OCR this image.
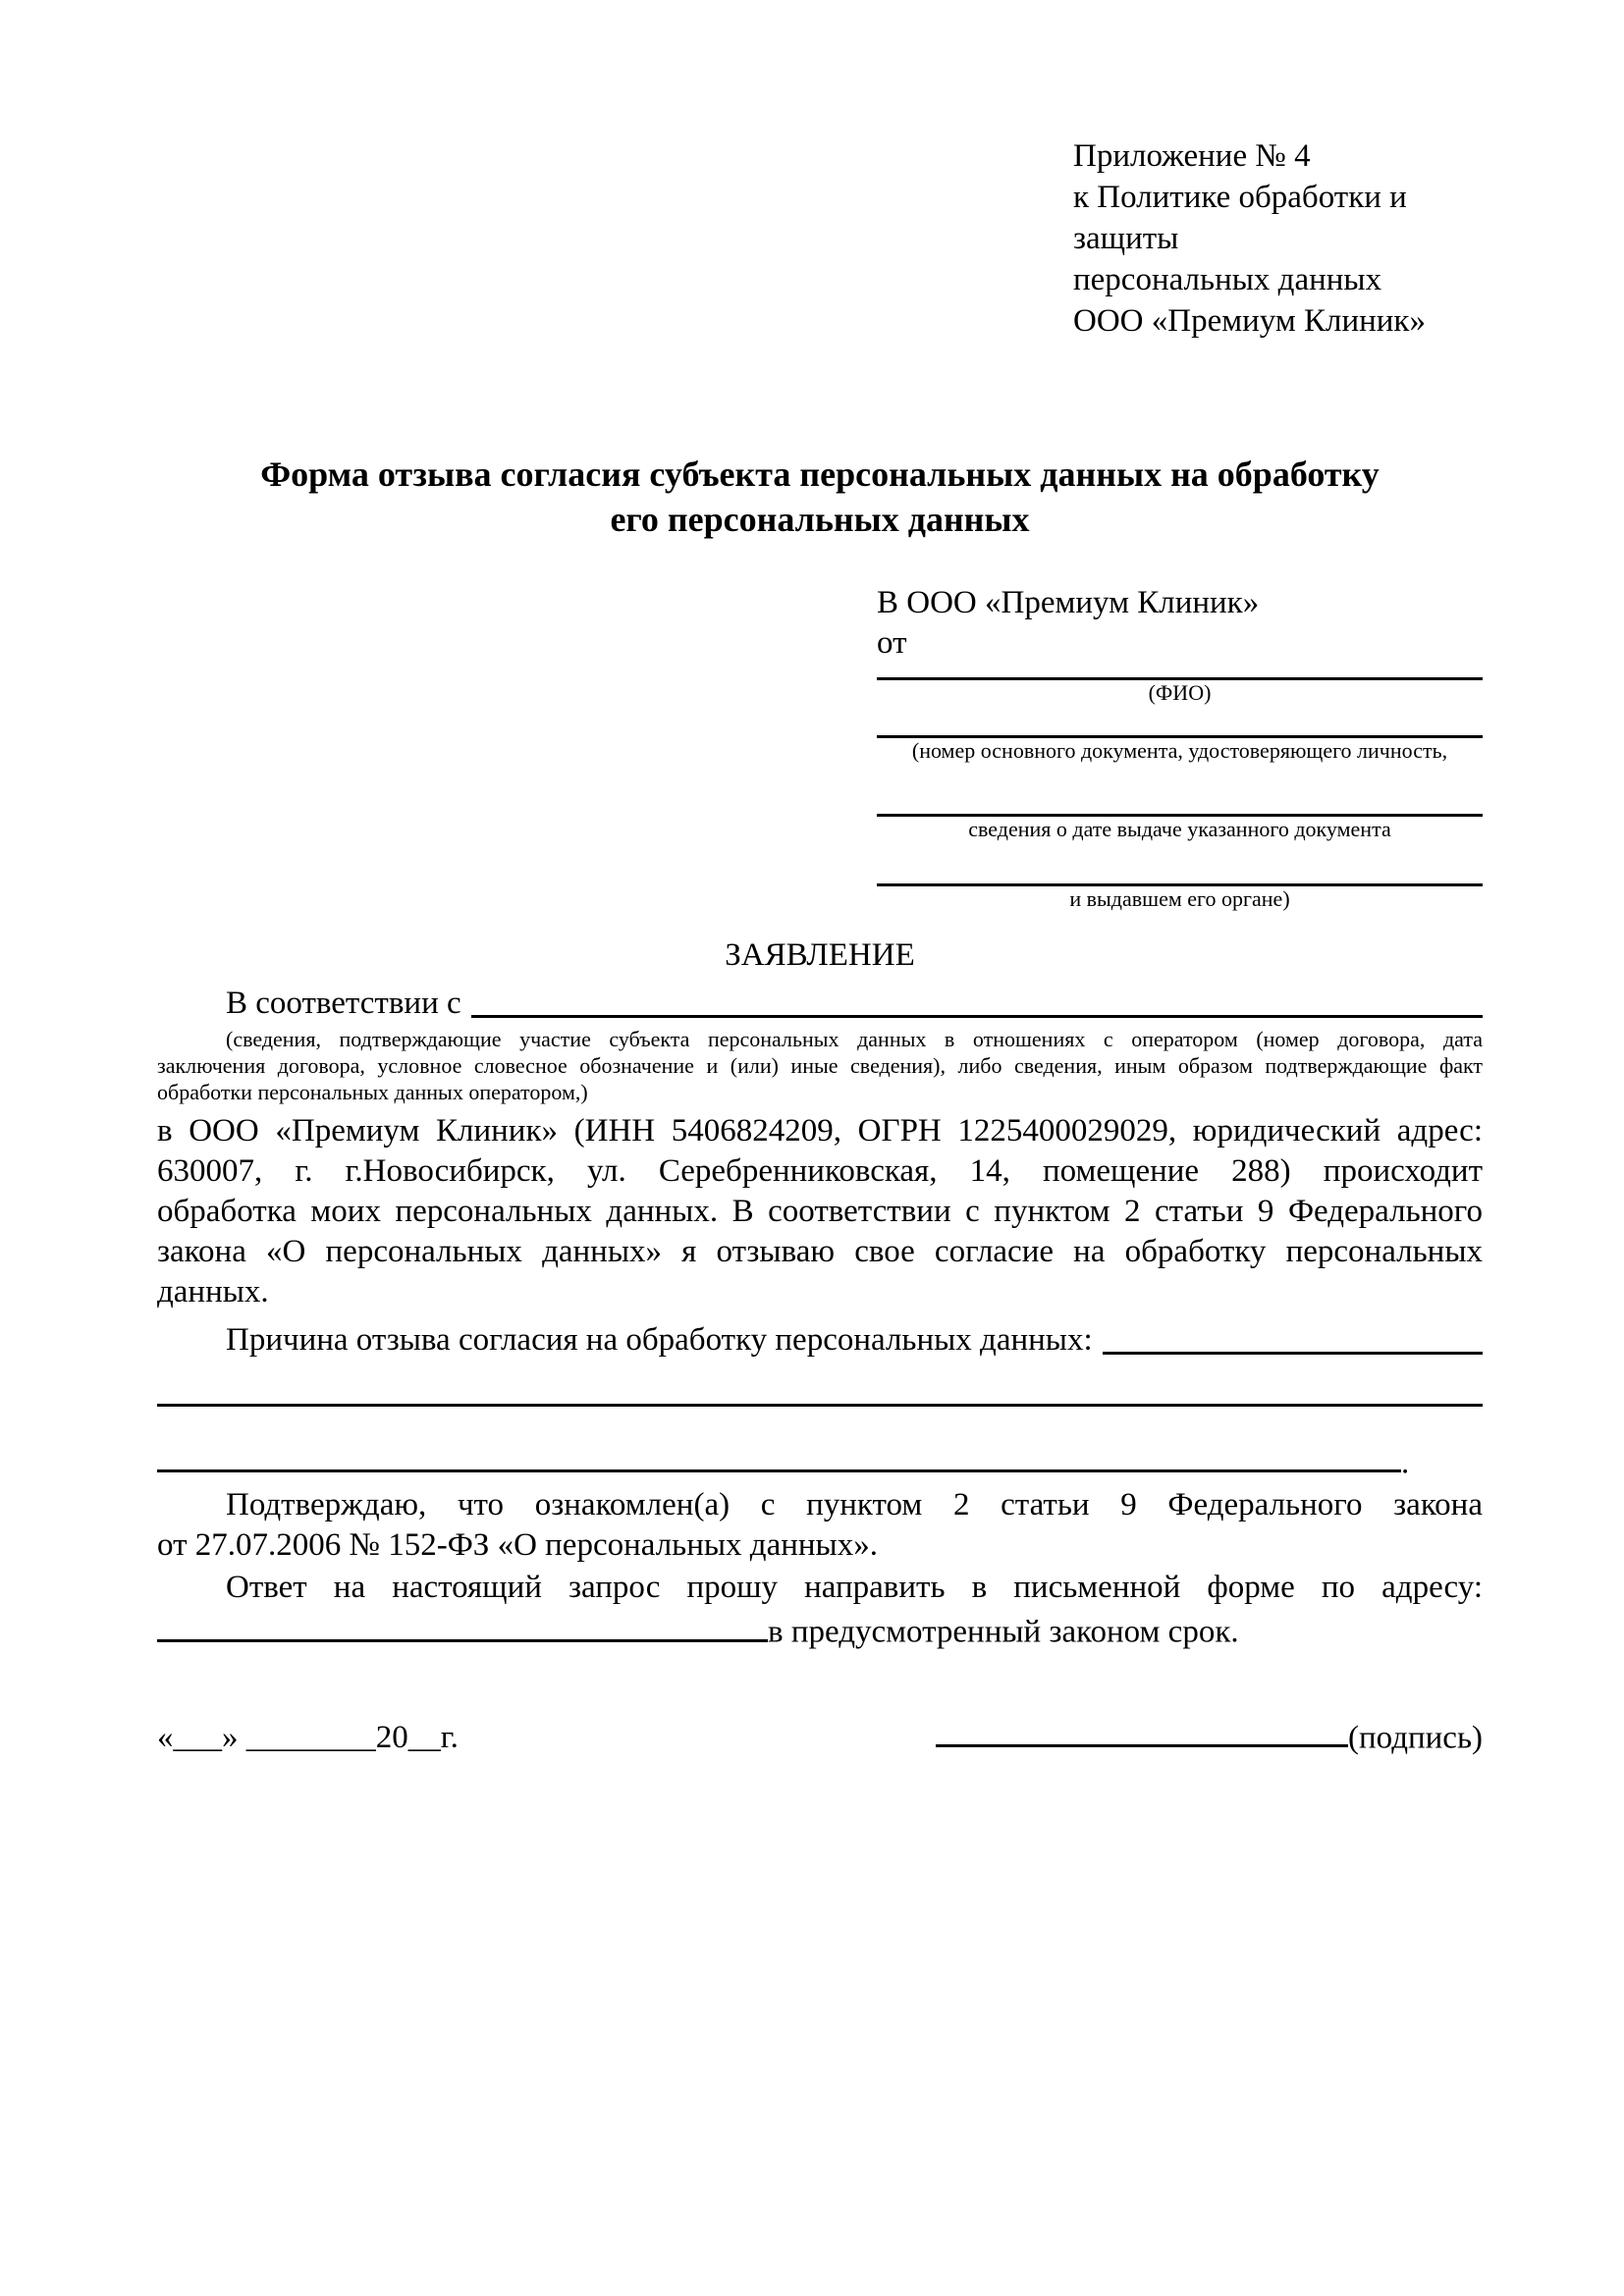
Приложение № 4
к Политике обработки и защиты
персональных данных
ООО «Премиум Клиник»
Форма отзыва согласия субъекта персональных данных на обработку
его персональных данных
В ООО «Премиум Клиник»
от
(ФИО)
(номер основного документа, удостоверяющего личность,
сведения о дате выдаче указанного документа
и выдавшем его органе)
ЗАЯВЛЕНИЕ
В соответствии с
(сведения, подтверждающие участие субъекта персональных данных в отношениях с оператором (номер договора, дата
заключения договора, условное словесное обозначение и (или) иные сведения), либо сведения, иным образом подтверждающие факт
обработки персональных данных оператором,)
в ООО «Премиум Клиник» (ИНН 5406824209, ОГРН 1225400029029, юридический адрес:
630007, г. г.Новосибирск, ул. Серебренниковская, 14, помещение 288) происходит
обработка моих персональных данных. В соответствии с пунктом 2 статьи 9 Федерального
закона «О персональных данных» я отзываю свое согласие на обработку персональных
данных.
Причина отзыва согласия на обработку персональных данных:
.
Подтверждаю, что ознакомлен(а) с пунктом 2 статьи 9 Федерального закона
от 27.07.2006 № 152-ФЗ «О персональных данных».
Ответ на настоящий запрос прошу направить в письменной форме по адресу:
в предусмотренный законом срок.
«___» ________20__г.	(подпись)
